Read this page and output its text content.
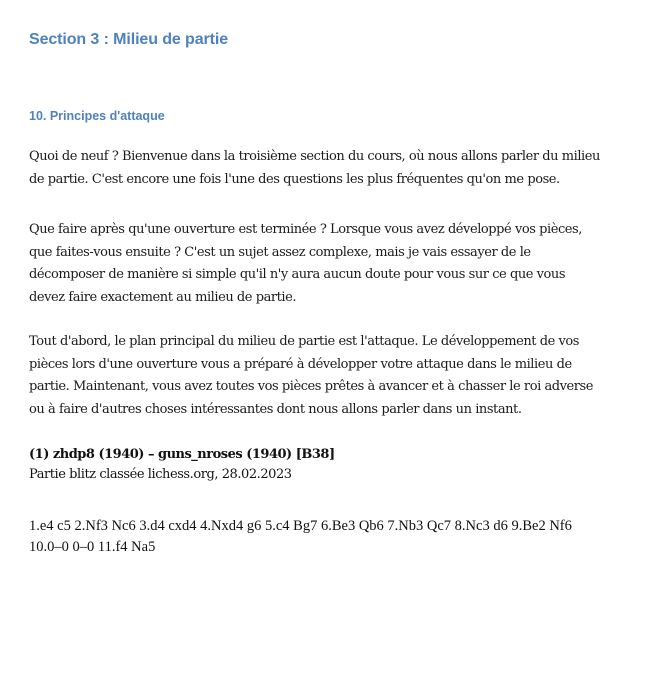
Section 3 : Milieu de partie
10. Principes d'attaque
Quoi de neuf ? Bienvenue dans la troisième section du cours, où nous allons parler du milieu
de partie. C'est encore une fois l'une des questions les plus fréquentes qu'on me pose.
Que faire après qu'une ouverture est terminée ? Lorsque vous avez développé vos pièces,
que faites-vous ensuite ? C'est un sujet assez complexe, mais je vais essayer de le
décomposer de manière si simple qu'il n'y aura aucun doute pour vous sur ce que vous
devez faire exactement au milieu de partie.
Tout d'abord, le plan principal du milieu de partie est l'attaque. Le développement de vos
pièces lors d'une ouverture vous a préparé à développer votre attaque dans le milieu de
partie. Maintenant, vous avez toutes vos pièces prêtes à avancer et à chasser le roi adverse
ou à faire d'autres choses intéressantes dont nous allons parler dans un instant.
(1) zhdp8 (1940) – guns_nroses (1940) [B38]
Partie blitz classée lichess.org, 28.02.2023
1.e4 c5 2.Nf3 Nc6 3.d4 cxd4 4.Nxd4 g6 5.c4 Bg7 6.Be3 Qb6 7.Nb3 Qc7 8.Nc3 d6 9.Be2 Nf6
10.0–0 0–0 11.f4 Na5
